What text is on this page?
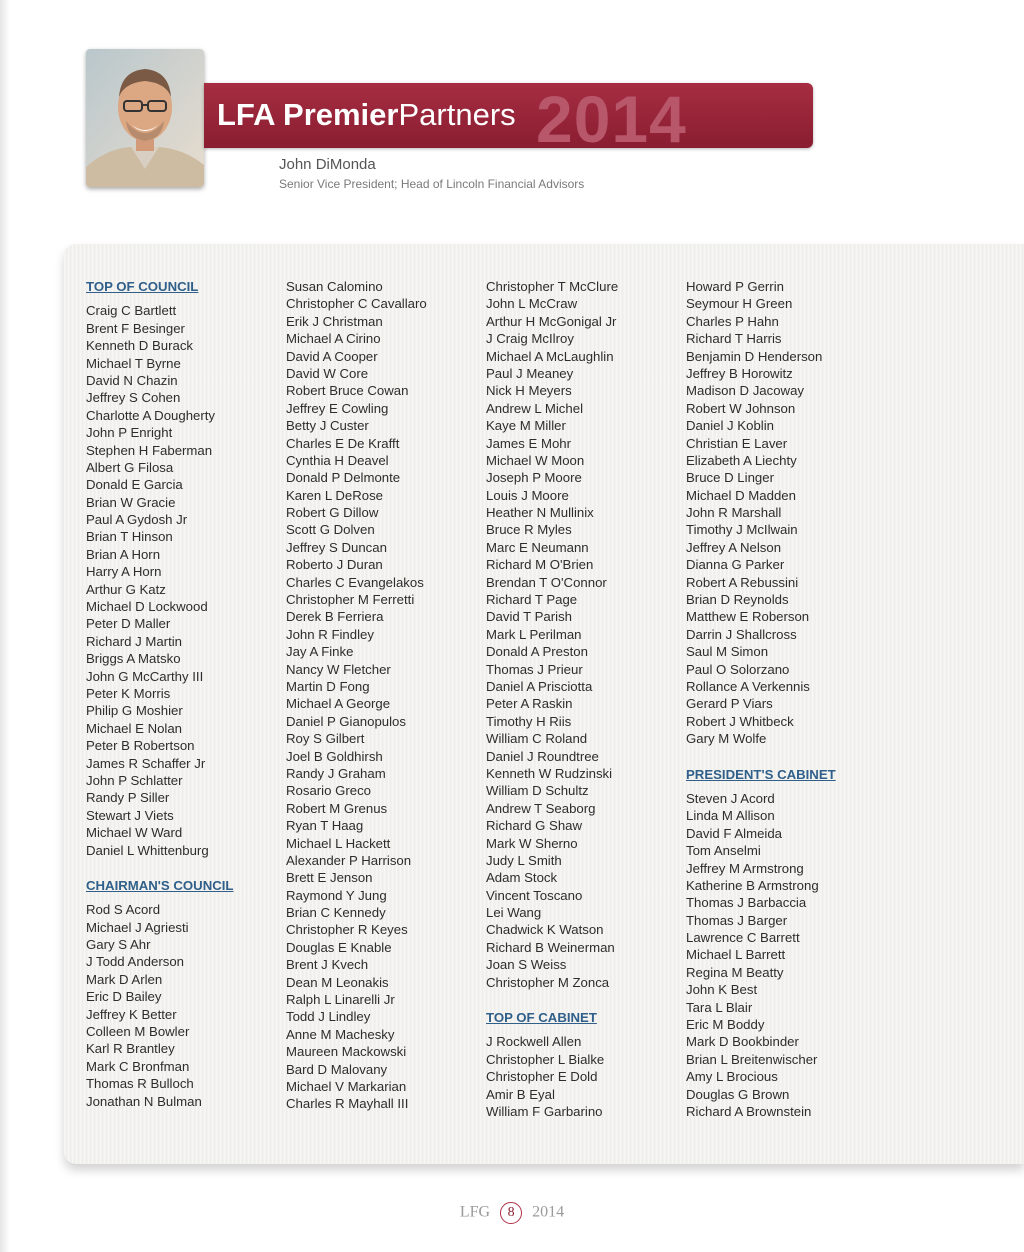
LFA PremierPartners 2014
John DiMonda
Senior Vice President; Head of Lincoln Financial Advisors
TOP OF COUNCIL
Craig C Bartlett
Brent F Besinger
Kenneth D Burack
Michael T Byrne
David N Chazin
Jeffrey S Cohen
Charlotte A Dougherty
John P Enright
Stephen H Faberman
Albert G Filosa
Donald E Garcia
Brian W Gracie
Paul A Gydosh Jr
Brian T Hinson
Brian A Horn
Harry A Horn
Arthur G Katz
Michael D Lockwood
Peter D Maller
Richard J Martin
Briggs A Matsko
John G McCarthy III
Peter K Morris
Philip G Moshier
Michael E Nolan
Peter B Robertson
James R Schaffer Jr
John P Schlatter
Randy P Siller
Stewart J Viets
Michael W Ward
Daniel L Whittenburg
CHAIRMAN'S COUNCIL
Rod S Acord
Michael J Agriesti
Gary S Ahr
J Todd Anderson
Mark D Arlen
Eric D Bailey
Jeffrey K Better
Colleen M Bowler
Karl R Brantley
Mark C Bronfman
Thomas R Bulloch
Jonathan N Bulman
Susan Calomino
Christopher C Cavallaro
Erik J Christman
Michael A Cirino
David A Cooper
David W Core
Robert Bruce Cowan
Jeffrey E Cowling
Betty J Custer
Charles E De Krafft
Cynthia H Deavel
Donald P Delmonte
Karen L DeRose
Robert G Dillow
Scott G Dolven
Jeffrey S Duncan
Roberto J Duran
Charles C Evangelakos
Christopher M Ferretti
Derek B Ferriera
John R Findley
Jay A Finke
Nancy W Fletcher
Martin D Fong
Michael A George
Daniel P Gianopulos
Roy S Gilbert
Joel B Goldhirsh
Randy J Graham
Rosario Greco
Robert M Grenus
Ryan T Haag
Michael L Hackett
Alexander P Harrison
Brett E Jenson
Raymond Y Jung
Brian C Kennedy
Christopher R Keyes
Douglas E Knable
Brent J Kvech
Dean M Leonakis
Ralph L Linarelli Jr
Todd J Lindley
Anne M Machesky
Maureen Mackowski
Bard D Malovany
Michael V Markarian
Charles R Mayhall III
Christopher T McClure
John L McCraw
Arthur H McGonigal Jr
J Craig McIlroy
Michael A McLaughlin
Paul J Meaney
Nick H Meyers
Andrew L Michel
Kaye M Miller
James E Mohr
Michael W Moon
Joseph P Moore
Louis J Moore
Heather N Mullinix
Bruce R Myles
Marc E Neumann
Richard M O'Brien
Brendan T O'Connor
Richard T Page
David T Parish
Mark L Perilman
Donald A Preston
Thomas J Prieur
Daniel A Prisciotta
Peter A Raskin
Timothy H Riis
William C Roland
Daniel J Roundtree
Kenneth W Rudzinski
William D Schultz
Andrew T Seaborg
Richard G Shaw
Mark W Sherno
Judy L Smith
Adam Stock
Vincent Toscano
Lei Wang
Chadwick K Watson
Richard B Weinerman
Joan S Weiss
Christopher M Zonca
TOP OF CABINET
J Rockwell Allen
Christopher L Bialke
Christopher E Dold
Amir B Eyal
William F Garbarino
Howard P Gerrin
Seymour H Green
Charles P Hahn
Richard T Harris
Benjamin D Henderson
Jeffrey B Horowitz
Madison D Jacoway
Robert W Johnson
Daniel J Koblin
Christian E Laver
Elizabeth A Liechty
Bruce D Linger
Michael D Madden
John R Marshall
Timothy J McIlwain
Jeffrey A Nelson
Dianna G Parker
Robert A Rebussini
Brian D Reynolds
Matthew E Roberson
Darrin J Shallcross
Saul M Simon
Paul O Solorzano
Rollance A Verkennis
Gerard P Viars
Robert J Whitbeck
Gary M Wolfe
PRESIDENT'S CABINET
Steven J Acord
Linda M Allison
David F Almeida
Tom Anselmi
Jeffrey M Armstrong
Katherine B Armstrong
Thomas J Barbaccia
Thomas J Barger
Lawrence C Barrett
Michael L Barrett
Regina M Beatty
John K Best
Tara L Blair
Eric M Boddy
Mark D Bookbinder
Brian L Breitenwischer
Amy L Brocious
Douglas G Brown
Richard A Brownstein
LFG 8 2014
